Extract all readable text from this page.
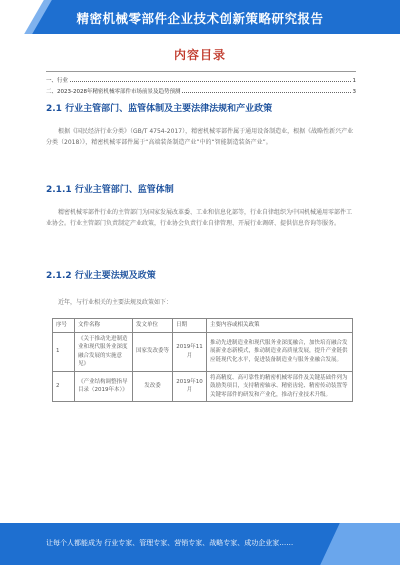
精密机械零部件企业技术创新策略研究报告
内容目录
一、行业	1
二、2023-2028年精密机械零部件市场前景及趋势预测	3
2.1 行业主管部门、监管体制及主要法律法规和产业政策
根据《国民经济行业分类》（GB/T 4754-2017），精密机械零部件属于通用设备制造业，根据《战略性新兴产业分类（2018）》，精密机械零部件属于“高端装备制造产业”中的“智能制造装备产业”。
2.1.1 行业主管部门、监管体制
精密机械零部件行业的主管部门为国家发展改革委、工业和信息化部等，行业自律组织为中国机械通用零部件工业协会。行业主管部门负责制定产业政策，行业协会负责行业自律管理、开展行业调研、提供信息咨询等服务。
2.1.2 行业主要法规及政策
近年，与行业相关的主要法规及政策如下：
序号	文件名称	发文单位	日期	主要内容或相关政策
1	《关于推动先进制造业和现代服务业深度融合发展的实施意见》	国家发改委等	2019年11月	推动先进制造业和现代服务业深度融合，加快培育融合发展新业态新模式，推动制造业高质量发展，提升产业链供应链现代化水平，促进装备制造业与服务业融合发展。
2	《产业结构调整指导目录（2019年本）》	发改委	2019年10月	将高精度、高可靠性的精密机械零部件及关键基础件列为鼓励类项目，支持精密轴承、精密齿轮、精密传动装置等关键零部件的研发和产业化，推动行业技术升级。
让每个人都能成为 行业专家、管理专家、营销专家、战略专家、成功企业家……
